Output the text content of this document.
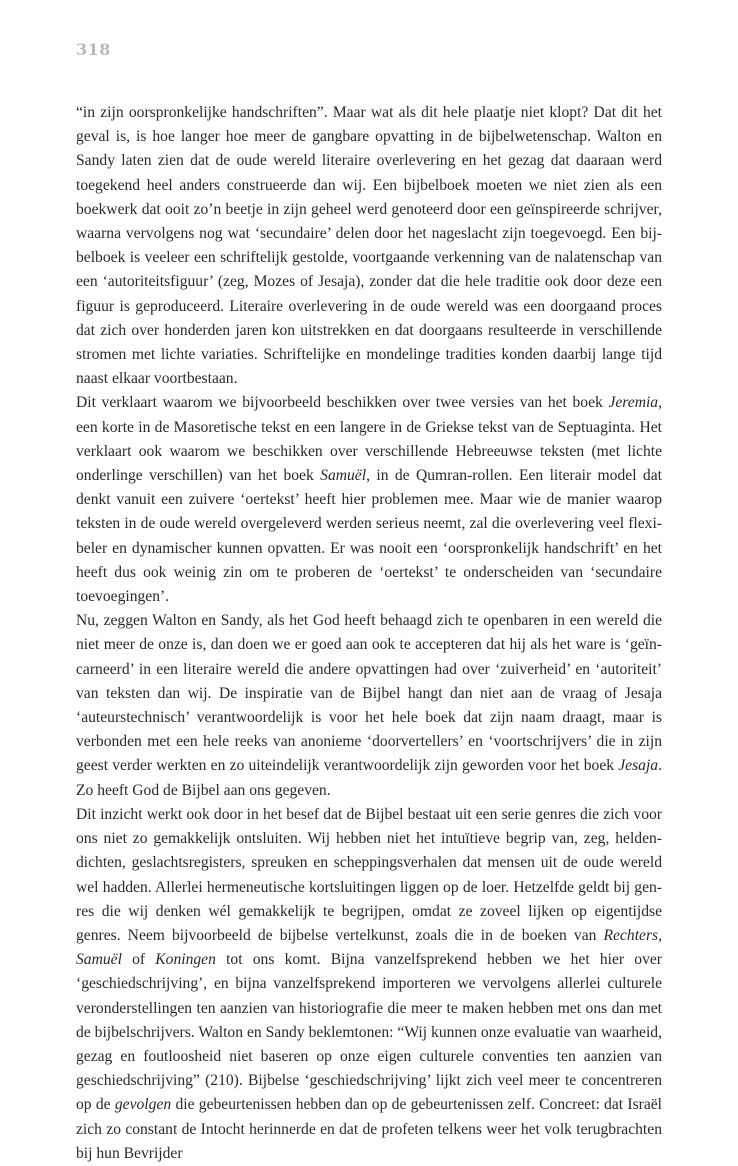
318

“in zijn oorspronkelijke handschriften”. Maar wat als dit hele plaatje niet klopt? Dat dit het geval is, is hoe langer hoe meer de gangbare opvatting in de bijbelwetenschap. Walton en Sandy laten zien dat de oude wereld literaire overlevering en het gezag dat daaraan werd toegekend heel anders construeerde dan wij. Een bijbelboek moeten we niet zien als een boekwerk dat ooit zo’n beetje in zijn geheel werd genoteerd door een geïnspireerde schrijver, waarna vervolgens nog wat ‘secundaire’ delen door het nageslacht zijn toegevoegd. Een bijbelboek is veeleer een schriftelijk gestolde, voortgaande verkenning van de nalatenschap van een ‘autoriteitsfiguur’ (zeg, Mozes of Jesaja), zonder dat die hele traditie ook door deze een figuur is geproduceerd. Literaire overlevering in de oude wereld was een doorgaand proces dat zich over honderden jaren kon uitstrekken en dat doorgaans resulteerde in verschillende stromen met lichte variaties. Schriftelijke en mondelinge tradities konden daarbij lange tijd naast elkaar voortbestaan.

Dit verklaart waarom we bijvoorbeeld beschikken over twee versies van het boek Jeremia, een korte in de Masoretische tekst en een langere in de Griekse tekst van de Septuaginta. Het verklaart ook waarom we beschikken over verschillende Hebreeuwse teksten (met lichte onderlinge verschillen) van het boek Samuël, in de Qumran-rollen. Een literair model dat denkt vanuit een zuivere ‘oertekst’ heeft hier problemen mee. Maar wie de manier waarop teksten in de oude wereld overgeleverd werden serieus neemt, zal die overlevering veel flexibeler en dynamischer kunnen opvatten. Er was nooit een ‘oorspronkelijk handschrift’ en het heeft dus ook weinig zin om te proberen de ‘oertekst’ te onderscheiden van ‘secundaire toevoegingen’.

Nu, zeggen Walton en Sandy, als het God heeft behaagd zich te openbaren in een wereld die niet meer de onze is, dan doen we er goed aan ook te accepteren dat hij als het ware is ‘geïncarneerd’ in een literaire wereld die andere opvattingen had over ‘zuiverheid’ en ‘autoriteit’ van teksten dan wij. De inspiratie van de Bijbel hangt dan niet aan de vraag of Jesaja ‘auteurstechnisch’ verantwoordelijk is voor het hele boek dat zijn naam draagt, maar is verbonden met een hele reeks van anonieme ‘doorvertellers’ en ‘voortschrijvers’ die in zijn geest verder werkten en zo uiteindelijk verantwoordelijk zijn geworden voor het boek Jesaja. Zo heeft God de Bijbel aan ons gegeven.

Dit inzicht werkt ook door in het besef dat de Bijbel bestaat uit een serie genres die zich voor ons niet zo gemakkelijk ontsluiten. Wij hebben niet het intuïtieve begrip van, zeg, heldendichten, geslachtsregisters, spreuken en scheppingsverhalen dat mensen uit de oude wereld wel hadden. Allerlei hermeneutische kortsluitingen liggen op de loer. Hetzelfde geldt bij genres die wij denken wél gemakkelijk te begrijpen, omdat ze zoveel lijken op eigentijdse genres. Neem bijvoorbeeld de bijbelse vertelkunst, zoals die in de boeken van Rechters, Samuël of Koningen tot ons komt. Bijna vanzelfsprekend hebben we het hier over ‘geschiedschrijving’, en bijna vanzelfsprekend importeren we vervolgens allerlei culturele veronderstellingen ten aanzien van historiografie die meer te maken hebben met ons dan met de bijbelschrijvers. Walton en Sandy beklemtonen: “Wij kunnen onze evaluatie van waarheid, gezag en foutloosheid niet baseren op onze eigen culturele conventies ten aanzien van geschiedschrijving” (210). Bijbelse ‘geschiedschrijving’ lijkt zich veel meer te concentreren op de gevolgen die gebeurtenissen hebben dan op de gebeurtenissen zelf. Concreet: dat Israël zich zo constant de Intocht herinnerde en dat de profeten telkens weer het volk terugbrachten bij hun Bevrijder
